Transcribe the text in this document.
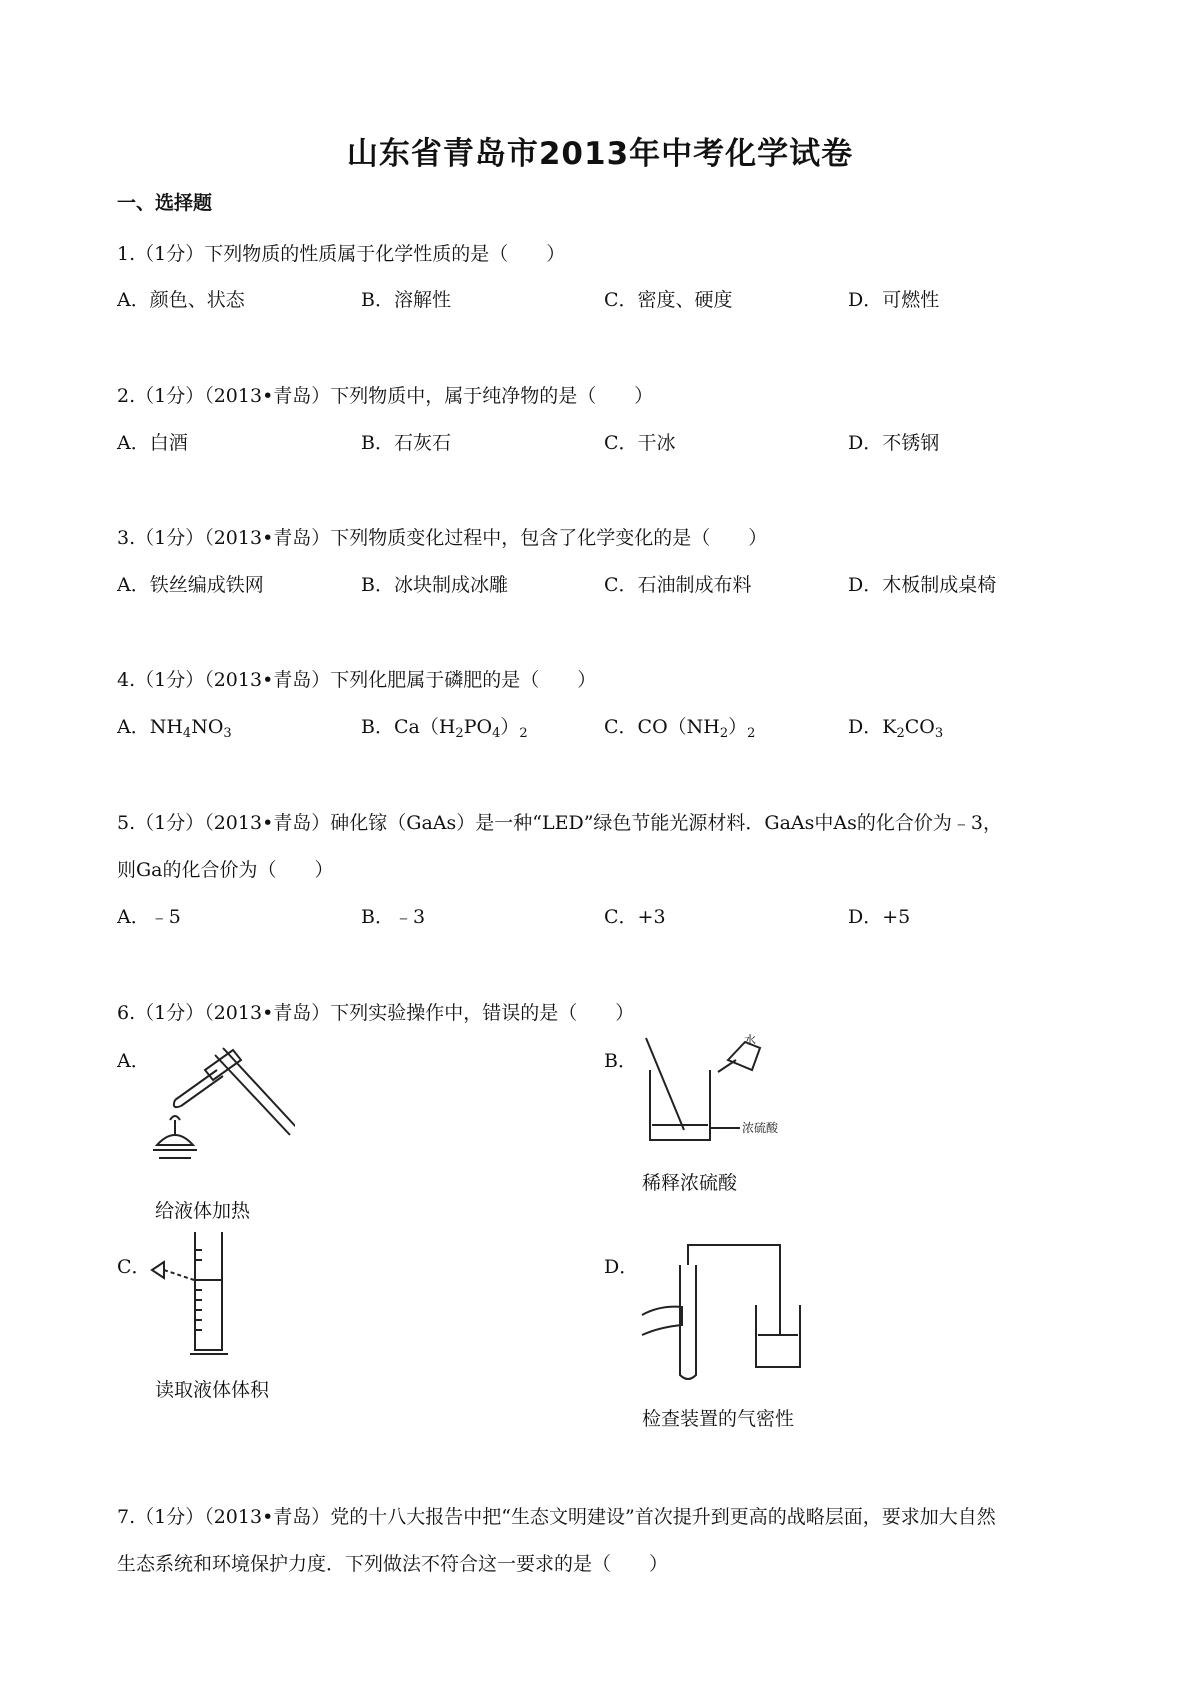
山东省青岛市2013年中考化学试卷
一、选择题
1.（1分）下列物质的性质属于化学性质的是（　　）
A．颜色、状态	B．溶解性	C．密度、硬度	D．可燃性
2.（1分）（2013•青岛）下列物质中，属于纯净物的是（　　）
A．白酒	B．石灰石	C．干冰	D．不锈钢
3.（1分）（2013•青岛）下列物质变化过程中，包含了化学变化的是（　　）
A．铁丝编成铁网	B．冰块制成冰雕	C．石油制成布料	D．木板制成桌椅
4.（1分）（2013•青岛）下列化肥属于磷肥的是（　　）
A．$NH_4NO_3$	B．$Ca(H_2PO_4)_2$	C．$CO(NH_2)_2$	D．$K_2CO_3$
5.（1分）（2013•青岛）砷化镓（GaAs）是一种“LED”绿色节能光源材料．GaAs中As的化合价为﹣3，
则Ga的化合价为（　　）
A．﹣5	B．﹣3	C．+3	D．+5
6.（1分）（2013•青岛）下列实验操作中，错误的是（　　）
A．	B．
C．	D．
水
浓硫酸
给液体加热
稀释浓硫酸
读取液体体积
检查装置的气密性
7.（1分）（2013•青岛）党的十八大报告中把“生态文明建设”首次提升到更高的战略层面，要求加大自然
生态系统和环境保护力度．下列做法不符合这一要求的是（　　）
